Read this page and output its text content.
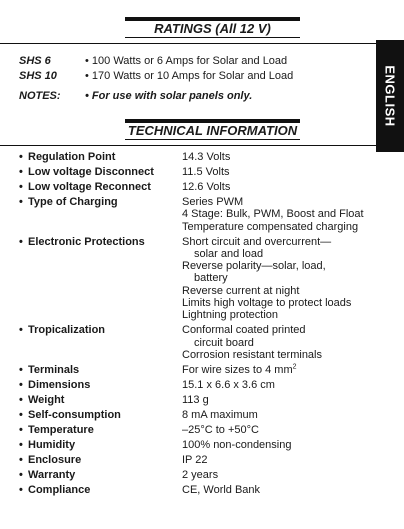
RATINGS (All 12 V)
SHS 6	• 100 Watts or 6 Amps for Solar and Load
SHS 10	• 170 Watts or 10 Amps for Solar and Load
NOTES: • For use with solar panels only.	ENGLISH
TECHNICAL INFORMATION
• Regulation Point	14.3 Volts
• Low voltage Disconnect	11.5 Volts
• Low voltage Reconnect	12.6 Volts
• Type of Charging	Series PWM
4 Stage: Bulk, PWM, Boost and Float
Temperature compensated charging
• Electronic Protections	Short circuit and overcurrent—
solar and load
Reverse polarity—solar, load,
battery
Reverse current at night
Limits high voltage to protect loads
Lightning protection
• Tropicalization	Conformal coated printed
circuit board
Corrosion resistant terminals
• Terminals	For wire sizes to 4 $mm^2$
• Dimensions	15.1 x 6.6 x 3.6 cm
• Weight	113 g
• Self-consumption	8 mA maximum
• Temperature	–25°C to +50°C
• Humidity	100% non-condensing
• Enclosure	IP 22
• Warranty	2 years
• Compliance	CE, World Bank
